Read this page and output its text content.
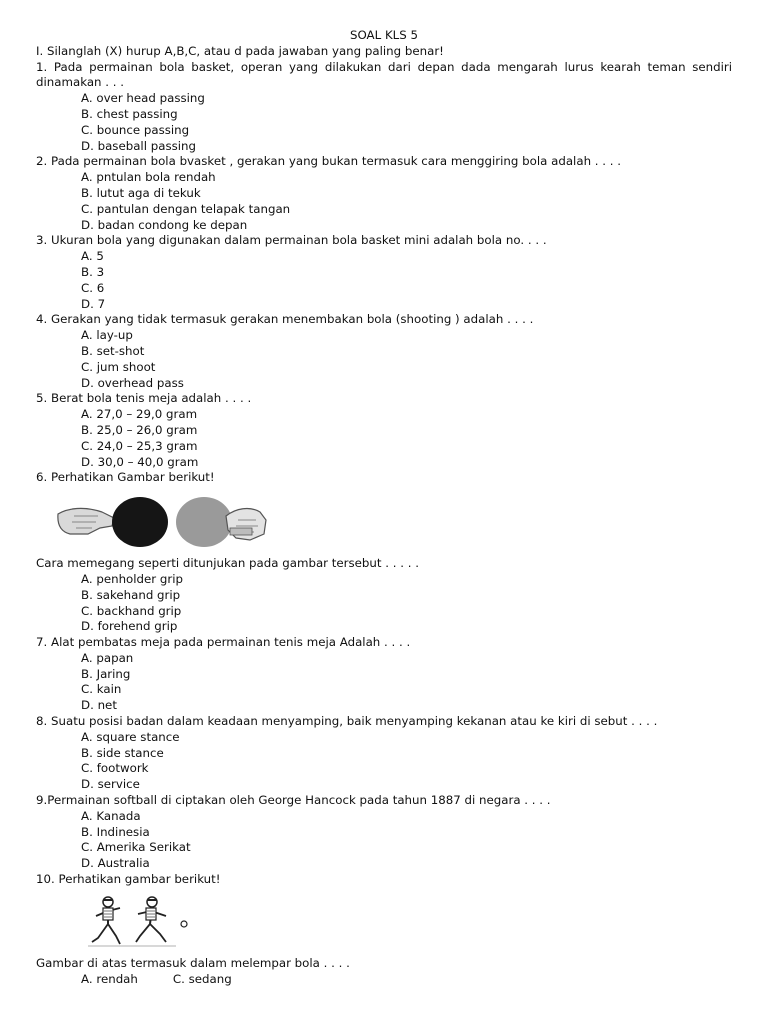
SOAL KLS 5
I. Silanglah (X) hurup A,B,C, atau d pada jawaban yang paling benar!
1. Pada permainan bola basket, operan yang dilakukan dari depan dada mengarah lurus kearah teman sendiri
dinamakan . . .
A. over head passing
B. chest passing
C. bounce passing
D. baseball passing
2. Pada permainan bola bvasket , gerakan yang bukan termasuk cara menggiring bola adalah . . . .
A. pntulan bola rendah
B. lutut aga di tekuk
C. pantulan dengan telapak tangan
D. badan condong ke depan
3. Ukuran bola yang digunakan dalam permainan bola basket mini adalah bola no. . . .
A. 5
B. 3
C. 6
D. 7
4. Gerakan yang tidak termasuk gerakan menembakan bola (shooting ) adalah . . . .
A. lay-up
B. set-shot
C. jum shoot
D. overhead pass
5. Berat bola tenis meja adalah . . . .
A. 27,0 – 29,0 gram
B. 25,0 – 26,0 gram
C. 24,0 – 25,3 gram
D. 30,0 – 40,0 gram
6. Perhatikan Gambar berikut!
Cara memegang seperti ditunjukan pada gambar tersebut . . . . .
A. penholder grip
B. sakehand grip
C. backhand grip
D. forehend grip
7. Alat pembatas meja pada permainan tenis meja Adalah . . . .
A. papan
B. Jaring
C. kain
D. net
8. Suatu posisi badan dalam keadaan menyamping, baik menyamping kekanan atau ke kiri di sebut . . . .
A. square stance
B. side stance
C. footwork
D. service
9.Permainan softball di ciptakan oleh George Hancock pada tahun 1887 di negara . . . .
A. Kanada
B. Indinesia
C. Amerika Serikat
D. Australia
10. Perhatikan gambar berikut!
Gambar di atas termasuk dalam melempar bola . . . .
A. rendah	C. sedang
